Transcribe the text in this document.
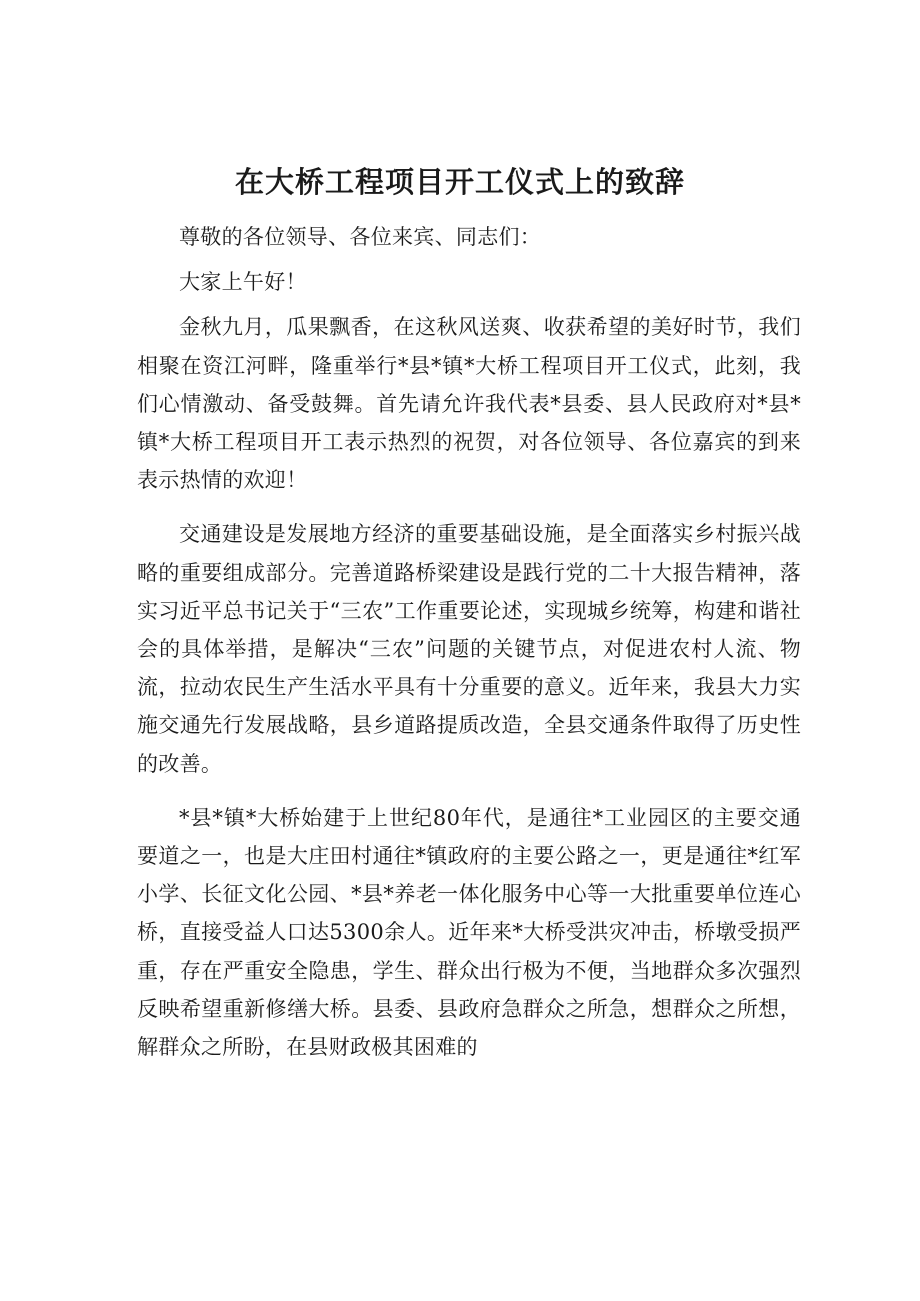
在大桥工程项目开工仪式上的致辞

尊敬的各位领导、各位来宾、同志们：

大家上午好！

金秋九月，瓜果飘香，在这秋风送爽、收获希望的美好时节，我们相聚在资江河畔，隆重举行*县*镇*大桥工程项目开工仪式，此刻，我们心情激动、备受鼓舞。首先请允许我代表*县委、县人民政府对*县*镇*大桥工程项目开工表示热烈的祝贺，对各位领导、各位嘉宾的到来表示热情的欢迎！

交通建设是发展地方经济的重要基础设施，是全面落实乡村振兴战略的重要组成部分。完善道路桥梁建设是践行党的二十大报告精神，落实习近平总书记关于“三农”工作重要论述，实现城乡统筹，构建和谐社会的具体举措，是解决“三农”问题的关键节点，对促进农村人流、物流，拉动农民生产生活水平具有十分重要的意义。近年来，我县大力实施交通先行发展战略，县乡道路提质改造，全县交通条件取得了历史性的改善。

*县*镇*大桥始建于上世纪80年代，是通往*工业园区的主要交通要道之一，也是大庄田村通往*镇政府的主要公路之一，更是通往*红军小学、长征文化公园、*县*养老一体化服务中心等一大批重要单位连心桥，直接受益人口达5300余人。近年来*大桥受洪灾冲击，桥墩受损严重，存在严重安全隐患，学生、群众出行极为不便，当地群众多次强烈反映希望重新修缮大桥。县委、县政府急群众之所急，想群众之所想，解群众之所盼，在县财政极其困难的
